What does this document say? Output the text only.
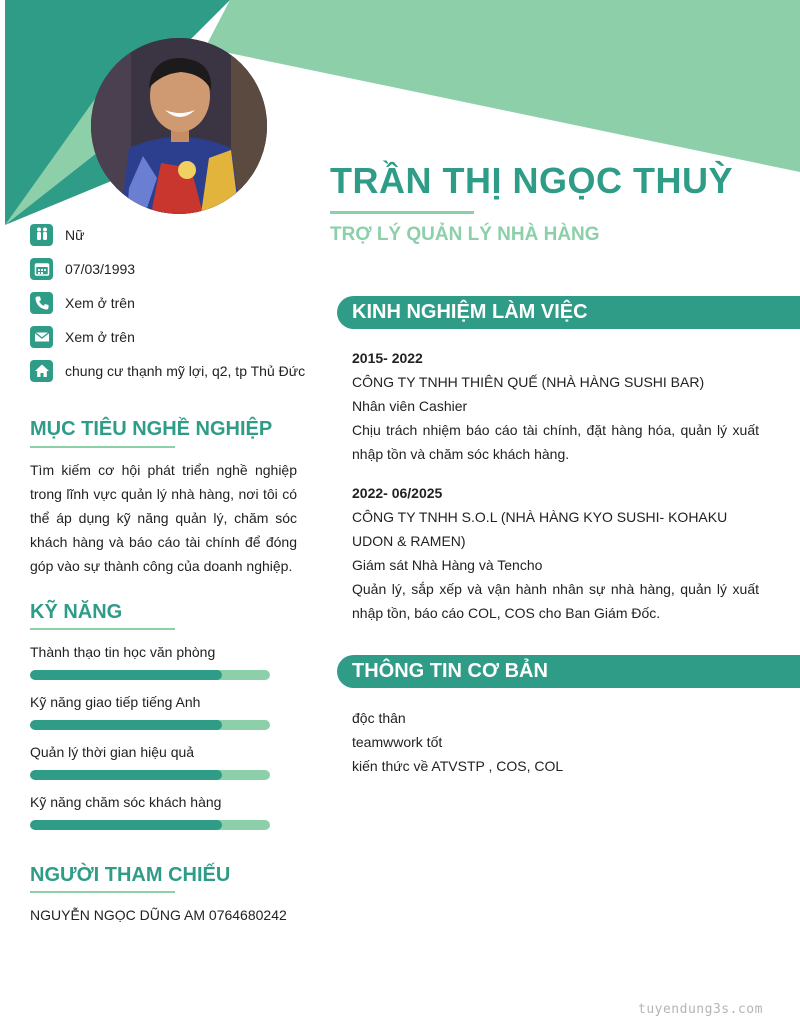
TRẦN THỊ NGỌC THUỲ
TRỢ LÝ QUẢN LÝ NHÀ HÀNG
Nữ
07/03/1993
Xem ở trên
Xem ở trên
chung cư thạnh mỹ lợi, q2, tp Thủ Đức
MỤC TIÊU NGHỀ NGHIỆP
Tìm kiếm cơ hội phát triển nghề nghiệp trong lĩnh vực quản lý nhà hàng, nơi tôi có thể áp dụng kỹ năng quản lý, chăm sóc khách hàng và báo cáo tài chính để đóng góp vào sự thành công của doanh nghiệp.
KỸ NĂNG
Thành thạo tin học văn phòng
Kỹ năng giao tiếp tiếng Anh
Quản lý thời gian hiệu quả
Kỹ năng chăm sóc khách hàng
NGƯỜI THAM CHIẾU
NGUYỄN NGỌC DŨNG AM 0764680242
KINH NGHIỆM LÀM VIỆC
2015- 2022
CÔNG TY TNHH THIÊN QUẾ (NHÀ HÀNG SUSHI BAR)
Nhân viên Cashier
Chịu trách nhiệm báo cáo tài chính, đặt hàng hóa, quản lý xuất nhập tồn và chăm sóc khách hàng.
2022- 06/2025
CÔNG TY TNHH S.O.L (NHÀ HÀNG KYO SUSHI- KOHAKU UDON & RAMEN)
Giám sát Nhà Hàng và Tencho
Quản lý, sắp xếp và vận hành nhân sự nhà hàng, quản lý xuất nhập tồn, báo cáo COL, COS cho Ban Giám Đốc.
THÔNG TIN CƠ BẢN
độc thân
teamwwork tốt
kiến thức về ATVSTP , COS, COL
tuyendung3s.com
